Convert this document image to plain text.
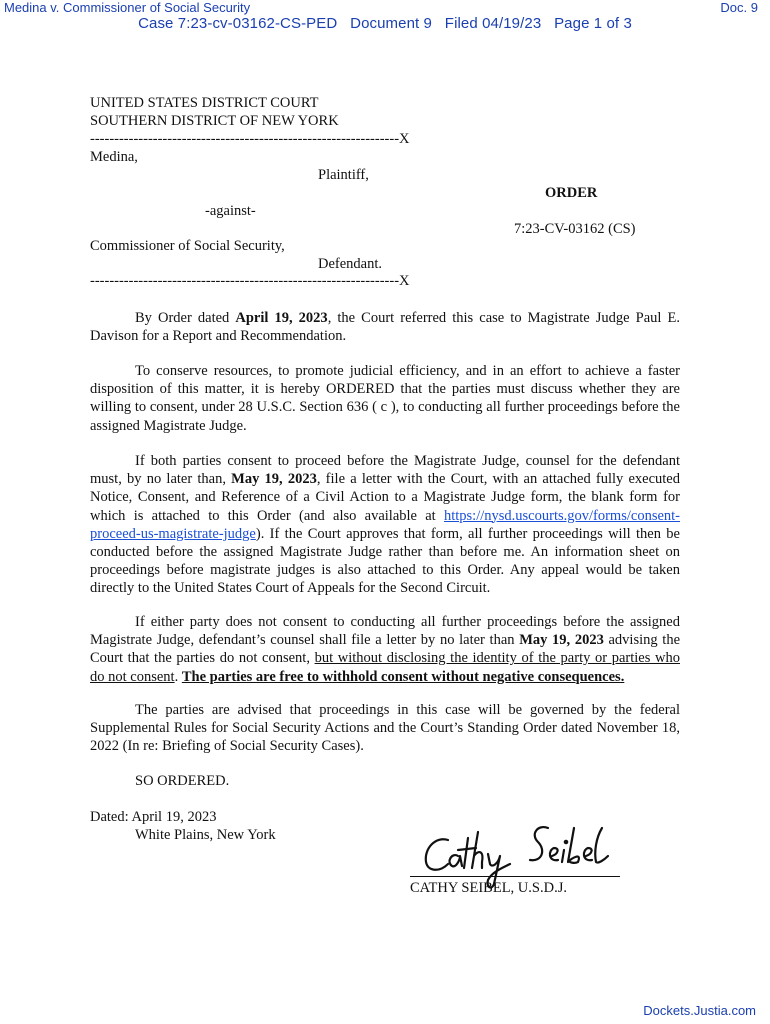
Medina v. Commissioner of Social Security	Doc. 9
Case 7:23-cv-03162-CS-PED   Document 9   Filed 04/19/23   Page 1 of 3
UNITED STATES DISTRICT COURT
SOUTHERN DISTRICT OF NEW YORK
----------------------------------------------------------------X
Medina,
Plaintiff,
ORDER
-against-
7:23-CV-03162 (CS)
Commissioner of Social Security,
Defendant.
----------------------------------------------------------------X

By Order dated April 19, 2023, the Court referred this case to Magistrate Judge Paul E. Davison for a Report and Recommendation.

To conserve resources, to promote judicial efficiency, and in an effort to achieve a faster disposition of this matter, it is hereby ORDERED that the parties must discuss whether they are willing to consent, under 28 U.S.C. Section 636 ( c ), to conducting all further proceedings before the assigned Magistrate Judge.

If both parties consent to proceed before the Magistrate Judge, counsel for the defendant must, by no later than, May 19, 2023, file a letter with the Court, with an attached fully executed Notice, Consent, and Reference of a Civil Action to a Magistrate Judge form, the blank form for which is attached to this Order (and also available at https://nysd.uscourts.gov/forms/consent-proceed-us-magistrate-judge). If the Court approves that form, all further proceedings will then be conducted before the assigned Magistrate Judge rather than before me. An information sheet on proceedings before magistrate judges is also attached to this Order. Any appeal would be taken directly to the United States Court of Appeals for the Second Circuit.

If either party does not consent to conducting all further proceedings before the assigned Magistrate Judge, defendant’s counsel shall file a letter by no later than May 19, 2023 advising the Court that the parties do not consent, but without disclosing the identity of the party or parties who do not consent. The parties are free to withhold consent without negative consequences.

The parties are advised that proceedings in this case will be governed by the federal Supplemental Rules for Social Security Actions and the Court’s Standing Order dated November 18, 2022 (In re: Briefing of Social Security Cases).

SO ORDERED.
Dated: April 19, 2023
White Plains, New York
CATHY SEIBEL, U.S.D.J.
Dockets.Justia.com
